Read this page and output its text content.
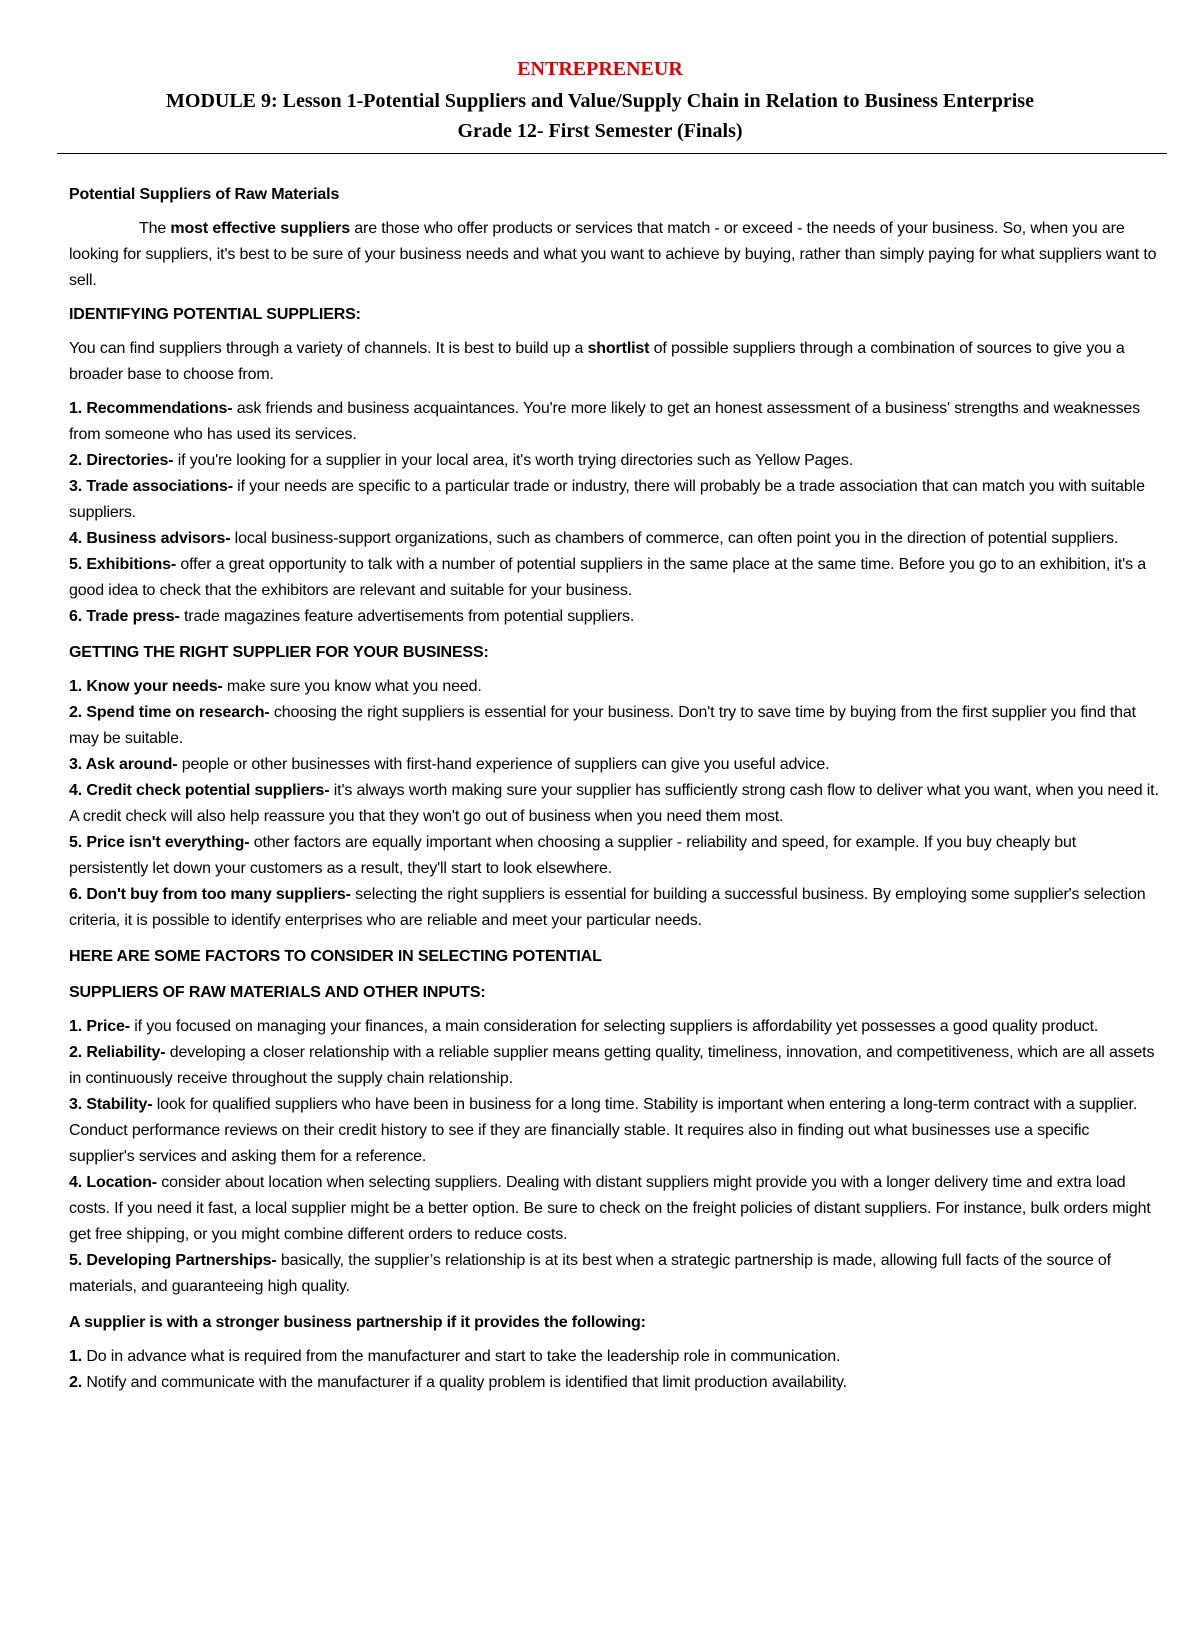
ENTREPRENEUR
MODULE 9: Lesson 1-Potential Suppliers and Value/Supply Chain in Relation to Business Enterprise
Grade 12- First Semester (Finals)

Potential Suppliers of Raw Materials

The most effective suppliers are those who offer products or services that match - or exceed - the needs of your business. So, when you are looking for suppliers, it's best to be sure of your business needs and what you want to achieve by buying, rather than simply paying for what suppliers want to sell.

IDENTIFYING POTENTIAL SUPPLIERS:

You can find suppliers through a variety of channels. It is best to build up a shortlist of possible suppliers through a combination of sources to give you a broader base to choose from.

1. Recommendations- ask friends and business acquaintances. You're more likely to get an honest assessment of a business' strengths and weaknesses from someone who has used its services.

2. Directories- if you're looking for a supplier in your local area, it's worth trying directories such as Yellow Pages.

3. Trade associations- if your needs are specific to a particular trade or industry, there will probably be a trade association that can match you with suitable suppliers.

4. Business advisors- local business-support organizations, such as chambers of commerce, can often point you in the direction of potential suppliers.

5. Exhibitions- offer a great opportunity to talk with a number of potential suppliers in the same place at the same time. Before you go to an exhibition, it's a good idea to check that the exhibitors are relevant and suitable for your business.

6. Trade press- trade magazines feature advertisements from potential suppliers.

GETTING THE RIGHT SUPPLIER FOR YOUR BUSINESS:

1. Know your needs- make sure you know what you need.

2. Spend time on research- choosing the right suppliers is essential for your business. Don't try to save time by buying from the first supplier you find that may be suitable.

3. Ask around- people or other businesses with first-hand experience of suppliers can give you useful advice.

4. Credit check potential suppliers- it's always worth making sure your supplier has sufficiently strong cash flow to deliver what you want, when you need it. A credit check will also help reassure you that they won't go out of business when you need them most.

5. Price isn't everything- other factors are equally important when choosing a supplier - reliability and speed, for example. If you buy cheaply but persistently let down your customers as a result, they'll start to look elsewhere.

6. Don't buy from too many suppliers- selecting the right suppliers is essential for building a successful business. By employing some supplier's selection criteria, it is possible to identify enterprises who are reliable and meet your particular needs.

HERE ARE SOME FACTORS TO CONSIDER IN SELECTING POTENTIAL

SUPPLIERS OF RAW MATERIALS AND OTHER INPUTS:

1. Price- if you focused on managing your finances, a main consideration for selecting suppliers is affordability yet possesses a good quality product.

2. Reliability- developing a closer relationship with a reliable supplier means getting quality, timeliness, innovation, and competitiveness, which are all assets in continuously receive throughout the supply chain relationship.

3. Stability- look for qualified suppliers who have been in business for a long time. Stability is important when entering a long-term contract with a supplier. Conduct performance reviews on their credit history to see if they are financially stable. It requires also in finding out what businesses use a specific supplier's services and asking them for a reference.

4. Location- consider about location when selecting suppliers. Dealing with distant suppliers might provide you with a longer delivery time and extra load costs. If you need it fast, a local supplier might be a better option. Be sure to check on the freight policies of distant suppliers. For instance, bulk orders might get free shipping, or you might combine different orders to reduce costs.

5. Developing Partnerships- basically, the supplier’s relationship is at its best when a strategic partnership is made, allowing full facts of the source of materials, and guaranteeing high quality.

A supplier is with a stronger business partnership if it provides the following:

1. Do in advance what is required from the manufacturer and start to take the leadership role in communication.

2. Notify and communicate with the manufacturer if a quality problem is identified that limit production availability.
